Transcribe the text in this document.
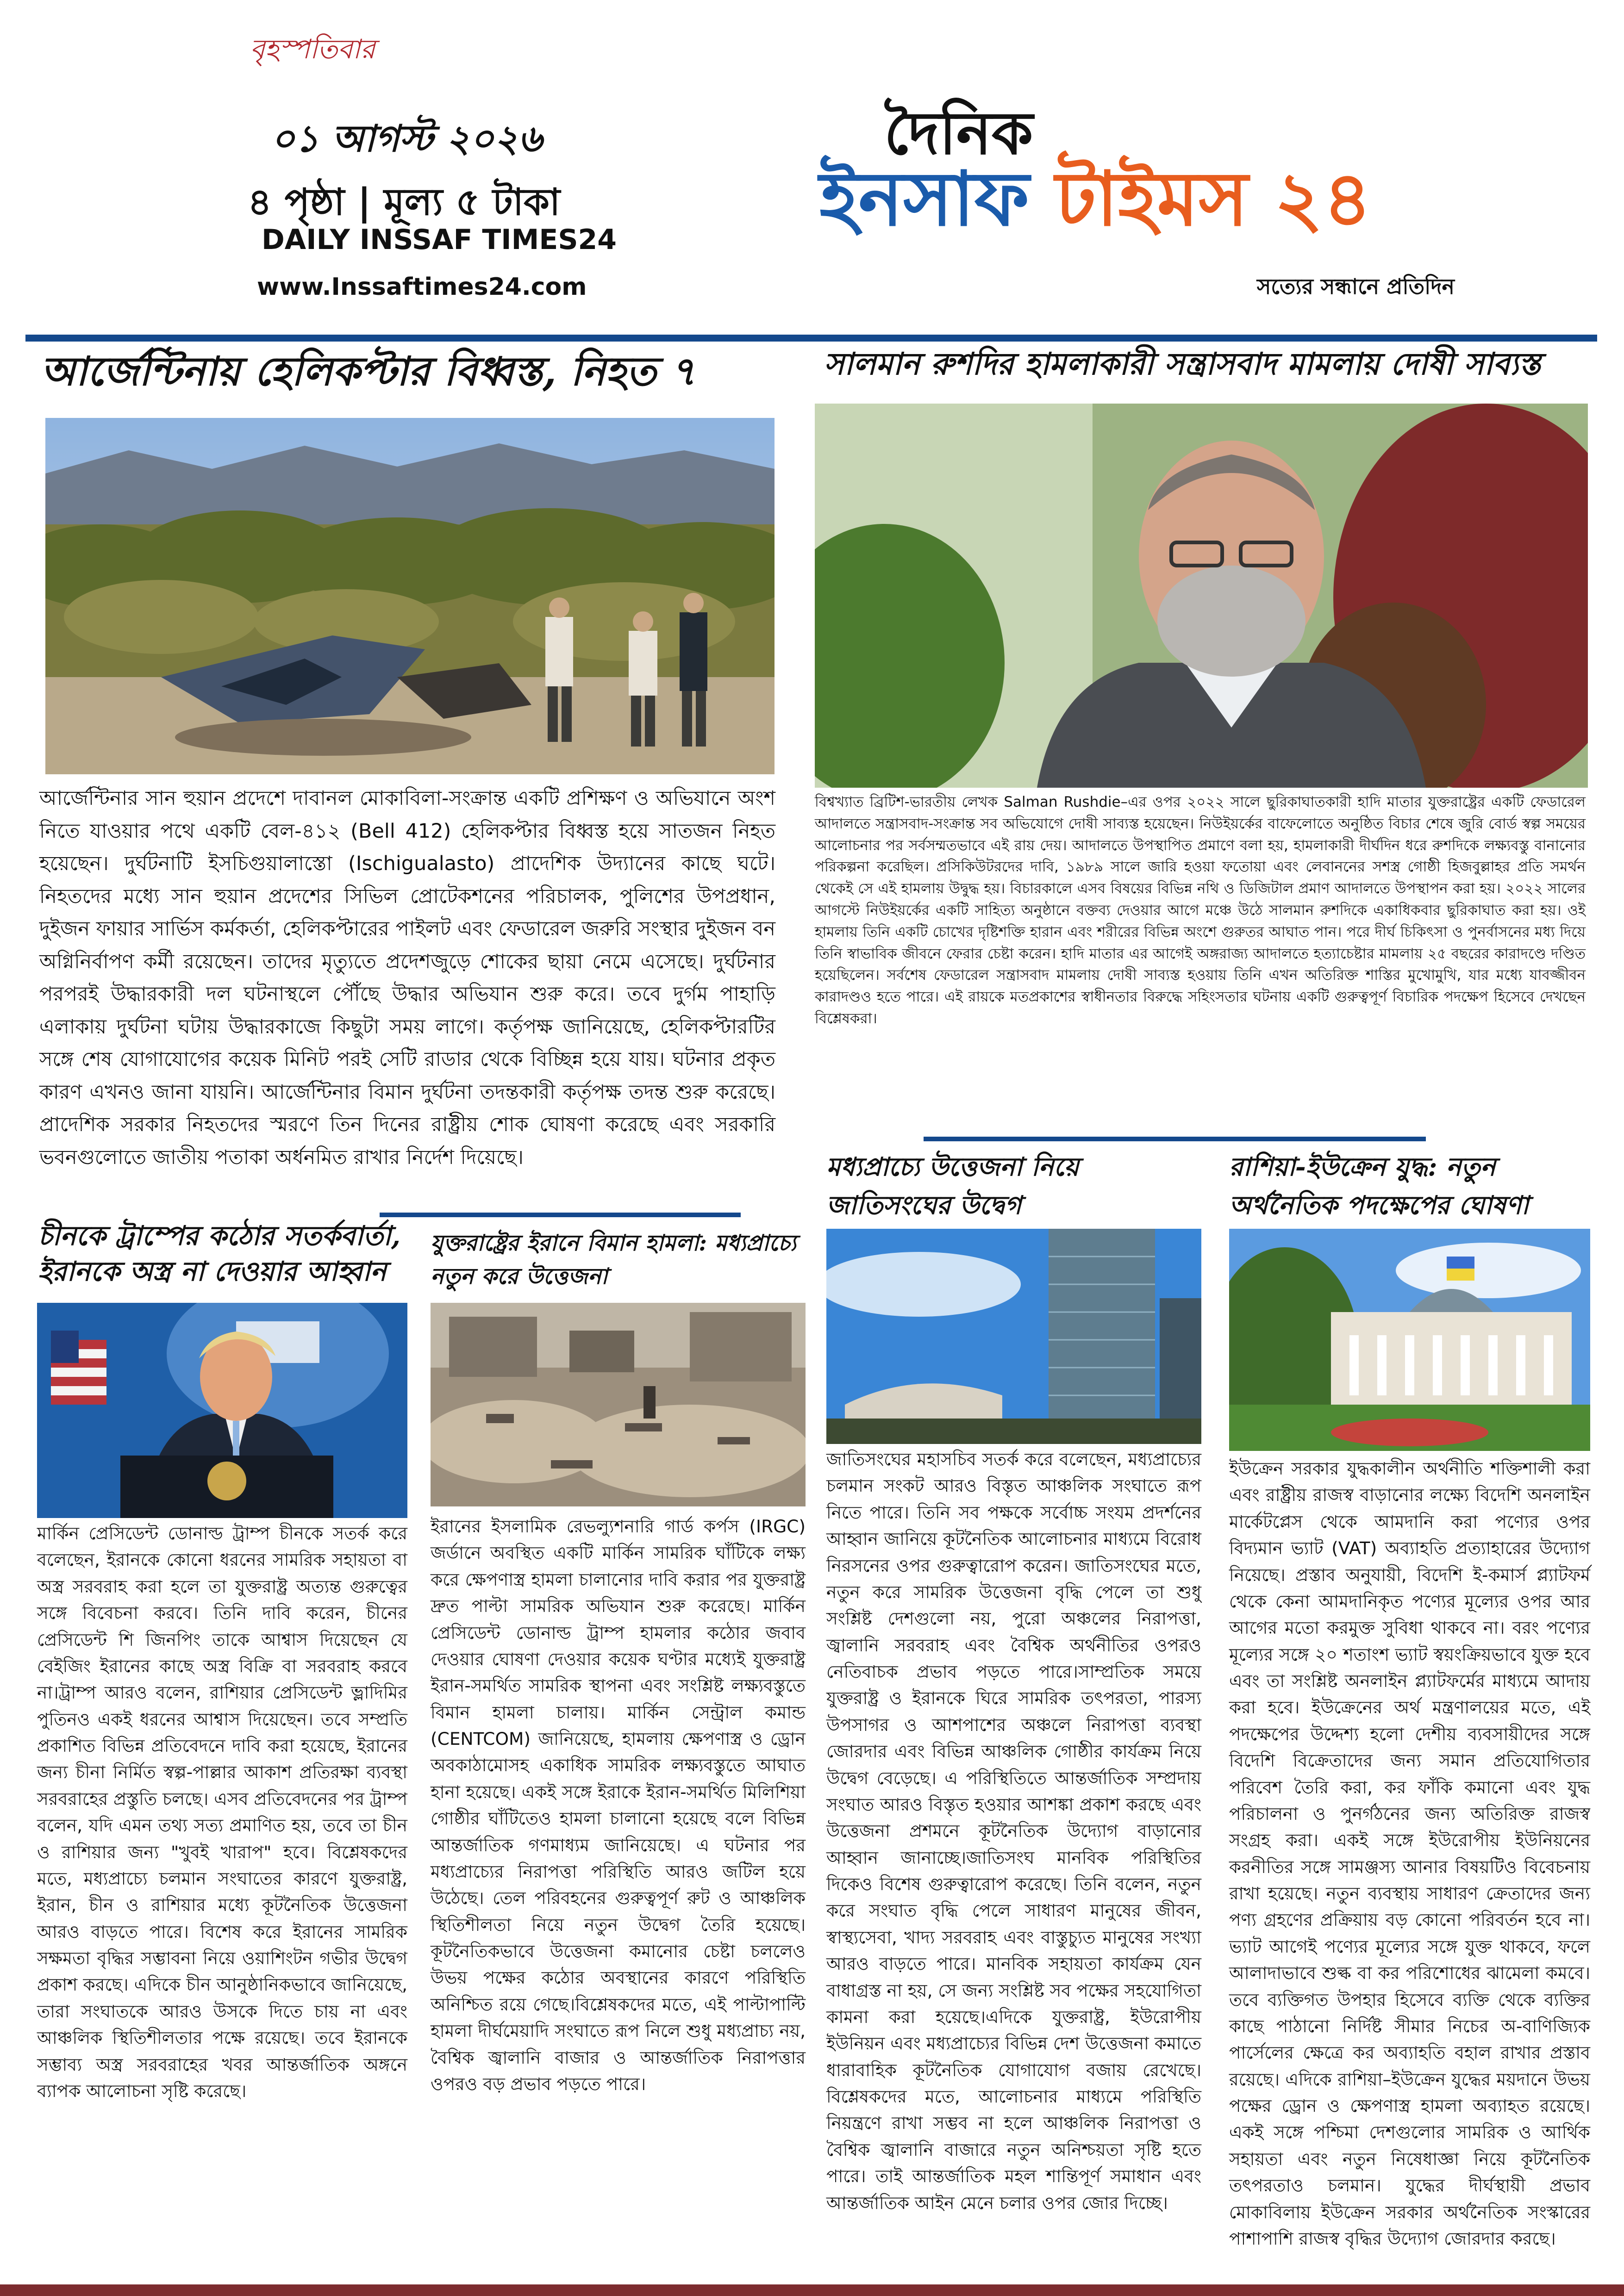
বৃহস্পতিবার
০১ আগস্ট ২০২৬
৪ পৃষ্ঠা | মূল্য ৫ টাকা
DAILY INSSAF TIMES24
www.Inssaftimes24.com
দৈনিক
ইনসাফ টাইমস ২৪
সত্যের সন্ধানে প্রতিদিন
আর্জেন্টিনায় হেলিকপ্টার বিধ্বস্ত, নিহত ৭
আর্জেন্টিনার সান হুয়ান প্রদেশে দাবানল মোকাবিলা-সংক্রান্ত একটি প্রশিক্ষণ ও অভিযানে অংশ নিতে যাওয়ার পথে একটি বেল-৪১২ (Bell 412) হেলিকপ্টার বিধ্বস্ত হয়ে সাতজন নিহত হয়েছেন। দুর্ঘটনাটি ইসচিগুয়ালাস্তো (Ischigualasto) প্রাদেশিক উদ্যানের কাছে ঘটে।নিহতদের মধ্যে সান হুয়ান প্রদেশের সিভিল প্রোটেকশনের পরিচালক, পুলিশের উপপ্রধান, দুইজন ফায়ার সার্ভিস কর্মকর্তা, হেলিকপ্টারের পাইলট এবং ফেডারেল জরুরি সংস্থার দুইজন বন অগ্নিনির্বাপণ কর্মী রয়েছেন। তাদের মৃত্যুতে প্রদেশজুড়ে শোকের ছায়া নেমে এসেছে। দুর্ঘটনার পরপরই উদ্ধারকারী দল ঘটনাস্থলে পৌঁছে উদ্ধার অভিযান শুরু করে। তবে দুর্গম পাহাড়ি এলাকায় দুর্ঘটনা ঘটায় উদ্ধারকাজে কিছুটা সময় লাগে। কর্তৃপক্ষ জানিয়েছে, হেলিকপ্টারটির সঙ্গে শেষ যোগাযোগের কয়েক মিনিট পরই সেটি রাডার থেকে বিচ্ছিন্ন হয়ে যায়। ঘটনার প্রকৃত কারণ এখনও জানা যায়নি। আর্জেন্টিনার বিমান দুর্ঘটনা তদন্তকারী কর্তৃপক্ষ তদন্ত শুরু করেছে। প্রাদেশিক সরকার নিহতদের স্মরণে তিন দিনের রাষ্ট্রীয় শোক ঘোষণা করেছে এবং সরকারি ভবনগুলোতে জাতীয় পতাকা অর্ধনমিত রাখার নির্দেশ দিয়েছে।
সালমান রুশদির হামলাকারী সন্ত্রাসবাদ মামলায় দোষী সাব্যস্ত
বিশ্বখ্যাত ব্রিটিশ-ভারতীয় লেখক Salman Rushdie–এর ওপর ২০২২ সালে ছুরিকাঘাতকারী হাদি মাতার যুক্তরাষ্ট্রের একটি ফেডারেল আদালতে সন্ত্রাসবাদ-সংক্রান্ত সব অভিযোগে দোষী সাব্যস্ত হয়েছেন। নিউইয়র্কের বাফেলোতে অনুষ্ঠিত বিচার শেষে জুরি বোর্ড স্বল্প সময়ের আলোচনার পর সর্বসম্মতভাবে এই রায় দেয়। আদালতে উপস্থাপিত প্রমাণে বলা হয়, হামলাকারী দীর্ঘদিন ধরে রুশদিকে লক্ষ্যবস্তু বানানোর পরিকল্পনা করেছিল। প্রসিকিউটরদের দাবি, ১৯৮৯ সালে জারি হওয়া ফতোয়া এবং লেবাননের সশস্ত্র গোষ্ঠী হিজবুল্লাহর প্রতি সমর্থন থেকেই সে এই হামলায় উদ্বুদ্ধ হয়। বিচারকালে এসব বিষয়ের বিভিন্ন নথি ও ডিজিটাল প্রমাণ আদালতে উপস্থাপন করা হয়। ২০২২ সালের আগস্টে নিউইয়র্কের একটি সাহিত্য অনুষ্ঠানে বক্তব্য দেওয়ার আগে মঞ্চে উঠে সালমান রুশদিকে একাধিকবার ছুরিকাঘাত করা হয়। ওই হামলায় তিনি একটি চোখের দৃষ্টিশক্তি হারান এবং শরীরের বিভিন্ন অংশে গুরুতর আঘাত পান। পরে দীর্ঘ চিকিৎসা ও পুনর্বাসনের মধ্য দিয়ে তিনি স্বাভাবিক জীবনে ফেরার চেষ্টা করেন। হাদি মাতার এর আগেই অঙ্গরাজ্য আদালতে হত্যাচেষ্টার মামলায় ২৫ বছরের কারাদণ্ডে দণ্ডিত হয়েছিলেন। সর্বশেষ ফেডারেল সন্ত্রাসবাদ মামলায় দোষী সাব্যস্ত হওয়ায় তিনি এখন অতিরিক্ত শাস্তির মুখোমুখি, যার মধ্যে যাবজ্জীবন কারাদণ্ডও হতে পারে। এই রায়কে মতপ্রকাশের স্বাধীনতার বিরুদ্ধে সহিংসতার ঘটনায় একটি গুরুত্বপূর্ণ বিচারিক পদক্ষেপ হিসেবে দেখছেন বিশ্লেষকরা।
চীনকে ট্রাম্পের কঠোর সতর্কবার্তা, ইরানকে অস্ত্র না দেওয়ার আহ্বান
মার্কিন প্রেসিডেন্ট ডোনাল্ড ট্রাম্প চীনকে সতর্ক করে বলেছেন, ইরানকে কোনো ধরনের সামরিক সহায়তা বা অস্ত্র সরবরাহ করা হলে তা যুক্তরাষ্ট্র অত্যন্ত গুরুত্বের সঙ্গে বিবেচনা করবে। তিনি দাবি করেন, চীনের প্রেসিডেন্ট শি জিনপিং তাকে আশ্বাস দিয়েছেন যে বেইজিং ইরানের কাছে অস্ত্র বিক্রি বা সরবরাহ করবে না।ট্রাম্প আরও বলেন, রাশিয়ার প্রেসিডেন্ট ভ্লাদিমির পুতিনও একই ধরনের আশ্বাস দিয়েছেন। তবে সম্প্রতি প্রকাশিত বিভিন্ন প্রতিবেদনে দাবি করা হয়েছে, ইরানের জন্য চীনা নির্মিত স্বল্প-পাল্লার আকাশ প্রতিরক্ষা ব্যবস্থা সরবরাহের প্রস্তুতি চলছে। এসব প্রতিবেদনের পর ট্রাম্প বলেন, যদি এমন তথ্য সত্য প্রমাণিত হয়, তবে তা চীন ও রাশিয়ার জন্য "খুবই খারাপ" হবে। বিশ্লেষকদের মতে, মধ্যপ্রাচ্যে চলমান সংঘাতের কারণে যুক্তরাষ্ট্র, ইরান, চীন ও রাশিয়ার মধ্যে কূটনৈতিক উত্তেজনা আরও বাড়তে পারে। বিশেষ করে ইরানের সামরিক সক্ষমতা বৃদ্ধির সম্ভাবনা নিয়ে ওয়াশিংটন গভীর উদ্বেগ প্রকাশ করছে। এদিকে চীন আনুষ্ঠানিকভাবে জানিয়েছে, তারা সংঘাতকে আরও উসকে দিতে চায় না এবং আঞ্চলিক স্থিতিশীলতার পক্ষে রয়েছে। তবে ইরানকে সম্ভাব্য অস্ত্র সরবরাহের খবর আন্তর্জাতিক অঙ্গনে ব্যাপক আলোচনা সৃষ্টি করেছে।
যুক্তরাষ্ট্রের ইরানে বিমান হামলা: মধ্যপ্রাচ্যে নতুন করে উত্তেজনা
ইরানের ইসলামিক রেভল্যুশনারি গার্ড কর্পস (IRGC) জর্ডানে অবস্থিত একটি মার্কিন সামরিক ঘাঁটিকে লক্ষ্য করে ক্ষেপণাস্ত্র হামলা চালানোর দাবি করার পর যুক্তরাষ্ট্র দ্রুত পাল্টা সামরিক অভিযান শুরু করেছে। মার্কিন প্রেসিডেন্ট ডোনাল্ড ট্রাম্প হামলার কঠোর জবাব দেওয়ার ঘোষণা দেওয়ার কয়েক ঘণ্টার মধ্যেই যুক্তরাষ্ট্র ইরান-সমর্থিত সামরিক স্থাপনা এবং সংশ্লিষ্ট লক্ষ্যবস্তুতে বিমান হামলা চালায়। মার্কিন সেন্ট্রাল কমান্ড (CENTCOM) জানিয়েছে, হামলায় ক্ষেপণাস্ত্র ও ড্রোন অবকাঠামোসহ একাধিক সামরিক লক্ষ্যবস্তুতে আঘাত হানা হয়েছে। একই সঙ্গে ইরাকে ইরান-সমর্থিত মিলিশিয়া গোষ্ঠীর ঘাঁটিতেও হামলা চালানো হয়েছে বলে বিভিন্ন আন্তর্জাতিক গণমাধ্যম জানিয়েছে। এ ঘটনার পর মধ্যপ্রাচ্যের নিরাপত্তা পরিস্থিতি আরও জটিল হয়ে উঠেছে। তেল পরিবহনের গুরুত্বপূর্ণ রুট ও আঞ্চলিক স্থিতিশীলতা নিয়ে নতুন উদ্বেগ তৈরি হয়েছে। কূটনৈতিকভাবে উত্তেজনা কমানোর চেষ্টা চললেও উভয় পক্ষের কঠোর অবস্থানের কারণে পরিস্থিতি অনিশ্চিত রয়ে গেছে।বিশ্লেষকদের মতে, এই পাল্টাপাল্টি হামলা দীর্ঘমেয়াদি সংঘাতে রূপ নিলে শুধু মধ্যপ্রাচ্য নয়, বৈশ্বিক জ্বালানি বাজার ও আন্তর্জাতিক নিরাপত্তার ওপরও বড় প্রভাব পড়তে পারে।
মধ্যপ্রাচ্যে উত্তেজনা নিয়ে জাতিসংঘের উদ্বেগ
জাতিসংঘের মহাসচিব সতর্ক করে বলেছেন, মধ্যপ্রাচ্যের চলমান সংকট আরও বিস্তৃত আঞ্চলিক সংঘাতে রূপ নিতে পারে। তিনি সব পক্ষকে সর্বোচ্চ সংযম প্রদর্শনের আহ্বান জানিয়ে কূটনৈতিক আলোচনার মাধ্যমে বিরোধ নিরসনের ওপর গুরুত্বারোপ করেন। জাতিসংঘের মতে, নতুন করে সামরিক উত্তেজনা বৃদ্ধি পেলে তা শুধু সংশ্লিষ্ট দেশগুলো নয়, পুরো অঞ্চলের নিরাপত্তা, জ্বালানি সরবরাহ এবং বৈশ্বিক অর্থনীতির ওপরও নেতিবাচক প্রভাব পড়তে পারে।সাম্প্রতিক সময়ে যুক্তরাষ্ট্র ও ইরানকে ঘিরে সামরিক তৎপরতা, পারস্য উপসাগর ও আশপাশের অঞ্চলে নিরাপত্তা ব্যবস্থা জোরদার এবং বিভিন্ন আঞ্চলিক গোষ্ঠীর কার্যক্রম নিয়ে উদ্বেগ বেড়েছে। এ পরিস্থিতিতে আন্তর্জাতিক সম্প্রদায় সংঘাত আরও বিস্তৃত হওয়ার আশঙ্কা প্রকাশ করছে এবং উত্তেজনা প্রশমনে কূটনৈতিক উদ্যোগ বাড়ানোর আহ্বান জানাচ্ছে।জাতিসংঘ মানবিক পরিস্থিতির দিকেও বিশেষ গুরুত্বারোপ করেছে। তিনি বলেন, নতুন করে সংঘাত বৃদ্ধি পেলে সাধারণ মানুষের জীবন, স্বাস্থ্যসেবা, খাদ্য সরবরাহ এবং বাস্তুচ্যুত মানুষের সংখ্যা আরও বাড়তে পারে। মানবিক সহায়তা কার্যক্রম যেন বাধাগ্রস্ত না হয়, সে জন্য সংশ্লিষ্ট সব পক্ষের সহযোগিতা কামনা করা হয়েছে।এদিকে যুক্তরাষ্ট্র, ইউরোপীয় ইউনিয়ন এবং মধ্যপ্রাচ্যের বিভিন্ন দেশ উত্তেজনা কমাতে ধারাবাহিক কূটনৈতিক যোগাযোগ বজায় রেখেছে। বিশ্লেষকদের মতে, আলোচনার মাধ্যমে পরিস্থিতি নিয়ন্ত্রণে রাখা সম্ভব না হলে আঞ্চলিক নিরাপত্তা ও বৈশ্বিক জ্বালানি বাজারে নতুন অনিশ্চয়তা সৃষ্টি হতে পারে। তাই আন্তর্জাতিক মহল শান্তিপূর্ণ সমাধান এবং আন্তর্জাতিক আইন মেনে চলার ওপর জোর দিচ্ছে।
রাশিয়া-ইউক্রেন যুদ্ধ: নতুন অর্থনৈতিক পদক্ষেপের ঘোষণা
ইউক্রেন সরকার যুদ্ধকালীন অর্থনীতি শক্তিশালী করা এবং রাষ্ট্রীয় রাজস্ব বাড়ানোর লক্ষ্যে বিদেশি অনলাইন মার্কেটপ্লেস থেকে আমদানি করা পণ্যের ওপর বিদ্যমান ভ্যাট (VAT) অব্যাহতি প্রত্যাহারের উদ্যোগ নিয়েছে। প্রস্তাব অনুযায়ী, বিদেশি ই-কমার্স প্ল্যাটফর্ম থেকে কেনা আমদানিকৃত পণ্যের মূল্যের ওপর আর আগের মতো করমুক্ত সুবিধা থাকবে না। বরং পণ্যের মূল্যের সঙ্গে ২০ শতাংশ ভ্যাট স্বয়ংক্রিয়ভাবে যুক্ত হবে এবং তা সংশ্লিষ্ট অনলাইন প্ল্যাটফর্মের মাধ্যমে আদায় করা হবে। ইউক্রেনের অর্থ মন্ত্রণালয়ের মতে, এই পদক্ষেপের উদ্দেশ্য হলো দেশীয় ব্যবসায়ীদের সঙ্গে বিদেশি বিক্রেতাদের জন্য সমান প্রতিযোগিতার পরিবেশ তৈরি করা, কর ফাঁকি কমানো এবং যুদ্ধ পরিচালনা ও পুনর্গঠনের জন্য অতিরিক্ত রাজস্ব সংগ্রহ করা। একই সঙ্গে ইউরোপীয় ইউনিয়নের করনীতির সঙ্গে সামঞ্জস্য আনার বিষয়টিও বিবেচনায় রাখা হয়েছে। নতুন ব্যবস্থায় সাধারণ ক্রেতাদের জন্য পণ্য গ্রহণের প্রক্রিয়ায় বড় কোনো পরিবর্তন হবে না। ভ্যাট আগেই পণ্যের মূল্যের সঙ্গে যুক্ত থাকবে, ফলে আলাদাভাবে শুল্ক বা কর পরিশোধের ঝামেলা কমবে। তবে ব্যক্তিগত উপহার হিসেবে ব্যক্তি থেকে ব্যক্তির কাছে পাঠানো নির্দিষ্ট সীমার নিচের অ-বাণিজ্যিক পার্সেলের ক্ষেত্রে কর অব্যাহতি বহাল রাখার প্রস্তাব রয়েছে। এদিকে রাশিয়া–ইউক্রেন যুদ্ধের ময়দানে উভয় পক্ষের ড্রোন ও ক্ষেপণাস্ত্র হামলা অব্যাহত রয়েছে। একই সঙ্গে পশ্চিমা দেশগুলোর সামরিক ও আর্থিক সহায়তা এবং নতুন নিষেধাজ্ঞা নিয়ে কূটনৈতিক তৎপরতাও চলমান। যুদ্ধের দীর্ঘস্থায়ী প্রভাব মোকাবিলায় ইউক্রেন সরকার অর্থনৈতিক সংস্কারের পাশাপাশি রাজস্ব বৃদ্ধির উদ্যোগ জোরদার করছে।
